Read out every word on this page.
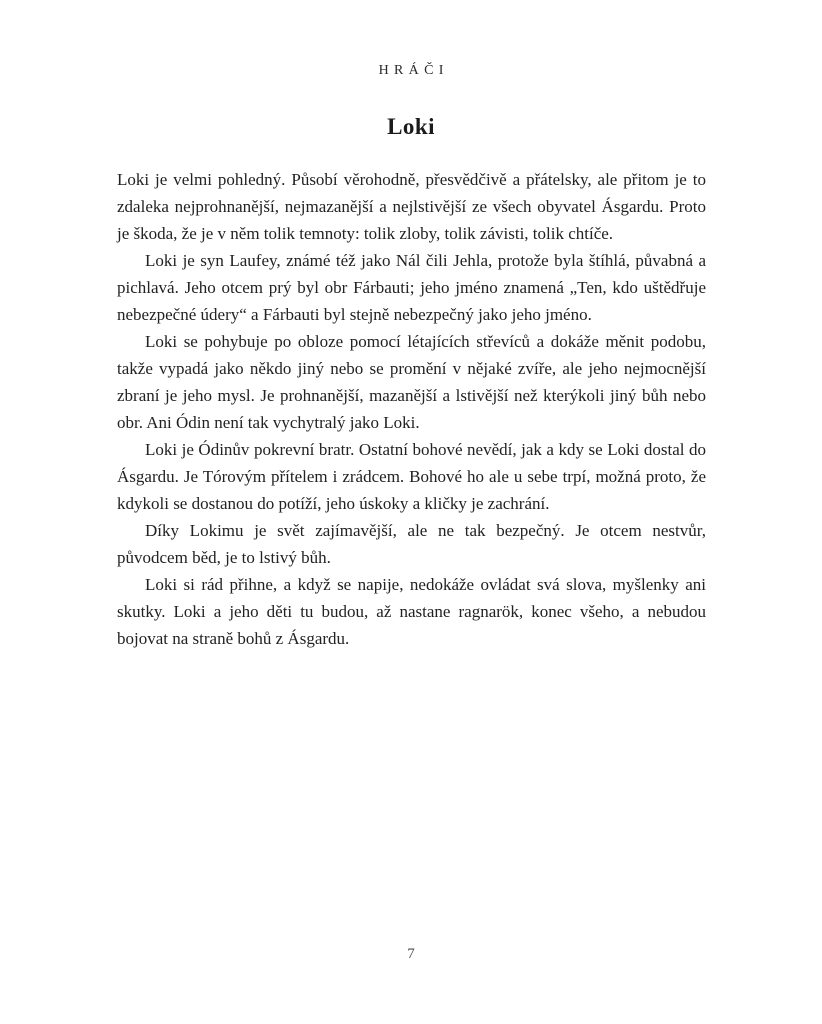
HRÁČI
Loki

Loki je velmi pohledný. Působí věrohodně, přesvědčivě a přátelsky, ale přitom je to zdaleka nejprohnanější, nejmazanější a nejlstivější ze všech obyvatel Ásgardu. Proto je škoda, že je v něm tolik temnoty: tolik zloby, tolik závisti, tolik chtíče.

Loki je syn Laufey, známé též jako Nál čili Jehla, protože byla štíhlá, půvabná a pichlavá. Jeho otcem prý byl obr Fárbauti; jeho jméno znamená „Ten, kdo uštědřuje nebezpečné údery“ a Fárbauti byl stejně nebezpečný jako jeho jméno.

Loki se pohybuje po obloze pomocí létajících střevíců a dokáže měnit podobu, takže vypadá jako někdo jiný nebo se promění v nějaké zvíře, ale jeho nejmocnější zbraní je jeho mysl. Je prohnanější, mazanější a lstivější než kterýkoli jiný bůh nebo obr. Ani Ódin není tak vychytralý jako Loki.

Loki je Ódinův pokrevní bratr. Ostatní bohové nevědí, jak a kdy se Loki dostal do Ásgardu. Je Tórovým přítelem i zrádcem. Bohové ho ale u sebe trpí, možná proto, že kdykoli se dostanou do potíží, jeho úskoky a kličky je zachrání.

Díky Lokimu je svět zajímavější, ale ne tak bezpečný. Je otcem nestvůr, původcem běd, je to lstivý bůh.

Loki si rád přihne, a když se napije, nedokáže ovládat svá slova, myšlenky ani skutky. Loki a jeho děti tu budou, až nastane ragnarök, konec všeho, a nebudou bojovat na straně bohů z Ásgardu.

7
